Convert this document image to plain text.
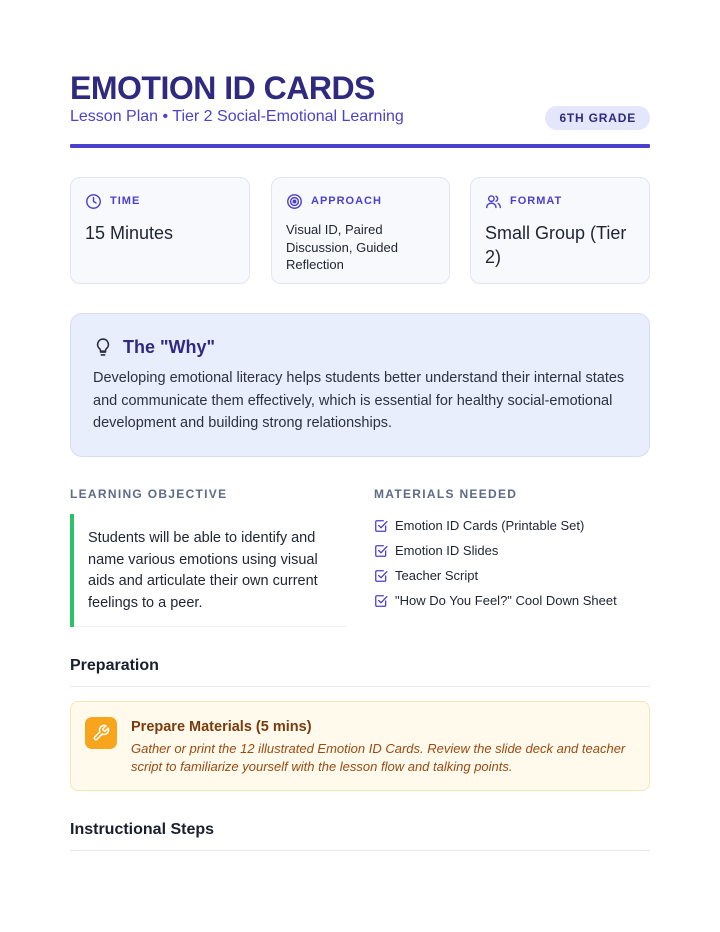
EMOTION ID CARDS
Lesson Plan • Tier 2 Social-Emotional Learning	6TH GRADE
TIME
15 Minutes
APPROACH
Visual ID, Paired Discussion, Guided Reflection
FORMAT
Small Group (Tier 2)
The "Why"

Developing emotional literacy helps students better understand their internal states and communicate them effectively, which is essential for healthy social-emotional development and building strong relationships.

LEARNING OBJECTIVE	MATERIALS NEEDED
Students will be able to identify and name various emotions using visual aids and articulate their own current feelings to a peer.
Emotion ID Cards (Printable Set)
Emotion ID Slides
Teacher Script
"How Do You Feel?" Cool Down Sheet
Preparation
Prepare Materials (5 mins)

Gather or print the 12 illustrated Emotion ID Cards. Review the slide deck and teacher script to familiarize yourself with the lesson flow and talking points.

Instructional Steps
